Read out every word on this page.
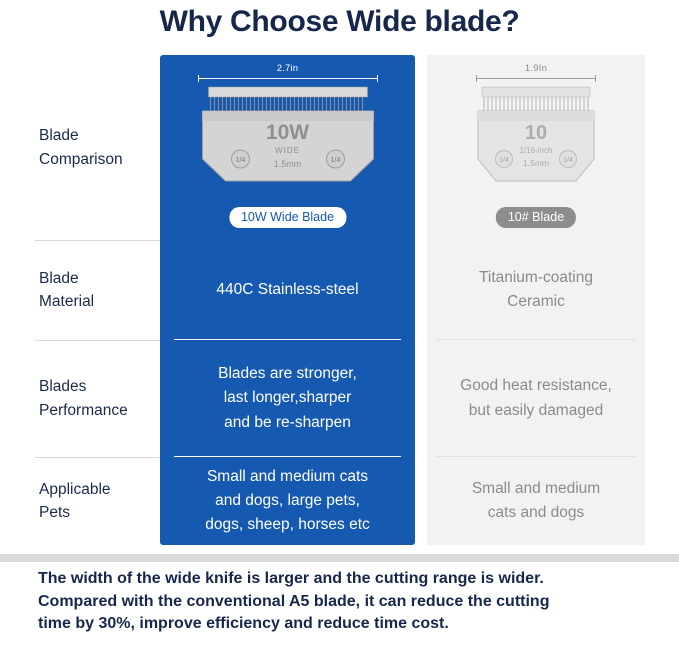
Why Choose Wide blade?
Blade
Comparison
2.7in
1/4	1/4
10W
WIDE
1.5mm
10W Wide Blade
1.9In
1/4	1/4
10
1/16-inch
1.5mm
10# Blade
Blade
Material
440C Stainless-steel
Titanium-coating
Ceramic
Blades
Performance
Blades are stronger,
last longer,sharper
and be re-sharpen
Good heat resistance,
but easily damaged
Applicable
Pets
Small and medium cats
and dogs, large pets,
dogs, sheep, horses etc
Small and medium
cats and dogs
The width of the wide knife is larger and the cutting range is wider.
Compared with the conventional A5 blade, it can reduce the cutting
time by 30%, improve efficiency and reduce time cost.
